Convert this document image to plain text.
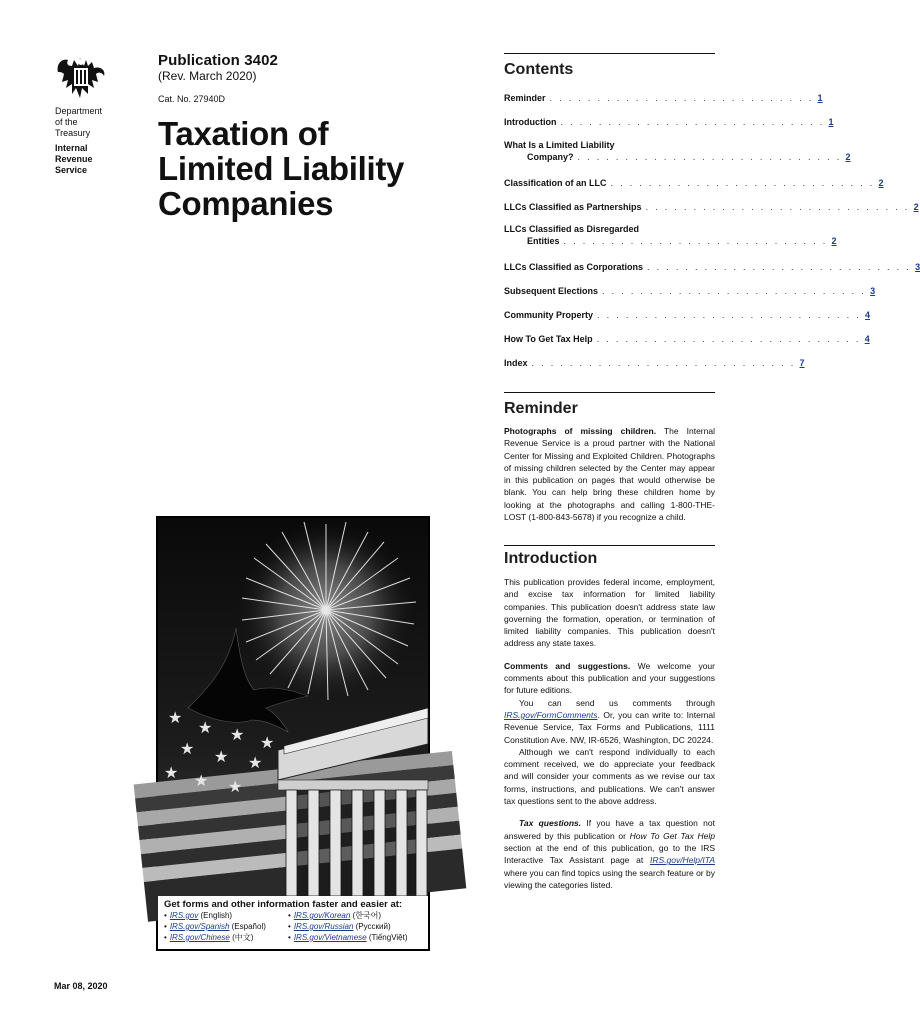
Department
of the
Treasury
Internal
Revenue
Service
Publication 3402
(Rev. March 2020)
Cat. No. 27940D
Taxation of
Limited Liability
Companies
★
★ ★
★ ★ ★
★ ★ ★
★
Get forms and other information faster and easier at:
• IRS.gov (English)
• IRS.gov/Spanish (Español)
• IRS.gov/Chinese (中文)
• IRS.gov/Korean (한국어)
• IRS.gov/Russian (Pусский)
• IRS.gov/Vietnamese (TiếngViệt)
Mar 08, 2020
Contents
Reminder . . . . . . . . . . . . . . . . . . . . . . . . . . . . 1
Introduction . . . . . . . . . . . . . . . . . . . . . . . . . . . . 1
What Is a Limited Liability
Company? . . . . . . . . . . . . . . . . . . . . . . . . . . . . 2
Classification of an LLC . . . . . . . . . . . . . . . . . . . . . . . . . . . . 2
LLCs Classified as Partnerships . . . . . . . . . . . . . . . . . . . . . . . . . . . . 2
LLCs Classified as Disregarded
Entities . . . . . . . . . . . . . . . . . . . . . . . . . . . . 2
LLCs Classified as Corporations . . . . . . . . . . . . . . . . . . . . . . . . . . . . 3
Subsequent Elections . . . . . . . . . . . . . . . . . . . . . . . . . . . . 3
Community Property . . . . . . . . . . . . . . . . . . . . . . . . . . . . 4
How To Get Tax Help . . . . . . . . . . . . . . . . . . . . . . . . . . . . 4
Index . . . . . . . . . . . . . . . . . . . . . . . . . . . . 7
Reminder

Photographs of missing children. The Internal Revenue Service is a proud partner with the National Center for Missing and Exploited Children. Photographs of missing children selected by the Center may appear in this publication on pages that would otherwise be blank. You can help bring these children home by looking at the photographs and calling 1-800-THE-LOST (1-800-843-5678) if you recognize a child.

Introduction

This publication provides federal income, employment, and excise tax information for limited liability companies. This publication doesn't address state law governing the formation, operation, or termination of limited liability companies. This publication doesn't address any state taxes.

Comments and suggestions. We welcome your comments about this publication and your suggestions for future editions.

You can send us comments through IRS.gov/FormComments. Or, you can write to: Internal Revenue Service, Tax Forms and Publications, 1111 Constitution Ave. NW, IR-6526, Washington, DC 20224.

Although we can't respond individually to each comment received, we do appreciate your feedback and will consider your comments as we revise our tax forms, instructions, and publications. We can't answer tax questions sent to the above address.

Tax questions. If you have a tax question not answered by this publication or How To Get Tax Help section at the end of this publication, go to the IRS Interactive Tax Assistant page at IRS.gov/Help/ITA where you can find topics using the search feature or by viewing the categories listed.
